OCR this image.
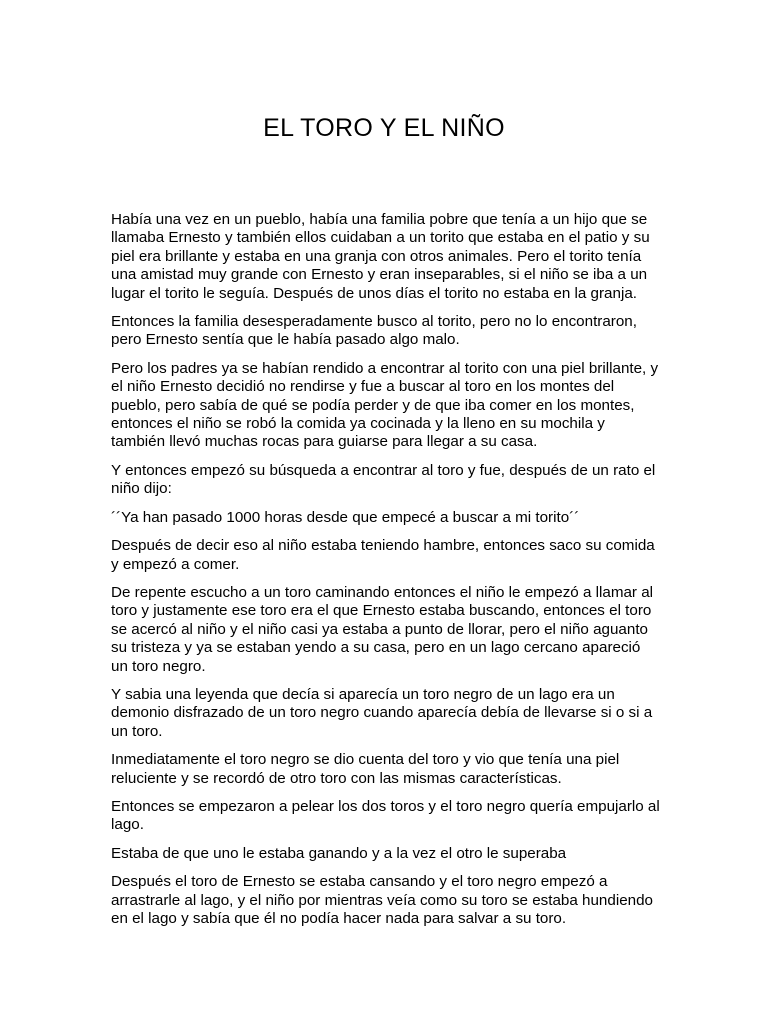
EL TORO Y EL NIÑO

Había una vez en un pueblo, había una familia pobre que tenía a un hijo que se llamaba Ernesto y también ellos cuidaban a un torito que estaba en el patio y su piel era brillante y estaba en una granja con otros animales. Pero el torito tenía una amistad muy grande con Ernesto y eran inseparables, si el niño se iba a un lugar el torito le seguía. Después de unos días el torito no estaba en la granja.

Entonces la familia desesperadamente busco al torito, pero no lo encontraron, pero Ernesto sentía que le había pasado algo malo.

Pero los padres ya se habían rendido a encontrar al torito con una piel brillante, y el niño Ernesto decidió no rendirse y fue a buscar al toro en los montes del pueblo, pero sabía de qué se podía perder y de que iba comer en los montes, entonces el niño se robó la comida ya cocinada y la lleno en su mochila y también llevó muchas rocas para guiarse para llegar a su casa.

Y entonces empezó su búsqueda a encontrar al toro y fue, después de un rato el niño dijo:

´´Ya han pasado 1000 horas desde que empecé a buscar a mi torito´´

Después de decir eso al niño estaba teniendo hambre, entonces saco su comida y empezó a comer.

De repente escucho a un toro caminando entonces el niño le empezó a llamar al toro y justamente ese toro era el que Ernesto estaba buscando, entonces el toro se acercó al niño y el niño casi ya estaba a punto de llorar, pero el niño aguanto su tristeza y ya se estaban yendo a su casa, pero en un lago cercano apareció un toro negro.

Y sabia una leyenda que decía si aparecía un toro negro de un lago era un demonio disfrazado de un toro negro cuando aparecía debía de llevarse si o si a un toro.

Inmediatamente el toro negro se dio cuenta del toro y vio que tenía una piel reluciente y se recordó de otro toro con las mismas características.

Entonces se empezaron a pelear los dos toros y el toro negro quería empujarlo al lago.

Estaba de que uno le estaba ganando y a la vez el otro le superaba

Después el toro de Ernesto se estaba cansando y el toro negro empezó a arrastrarle al lago, y el niño por mientras veía como su toro se estaba hundiendo en el lago y sabía que él no podía hacer nada para salvar a su toro.
